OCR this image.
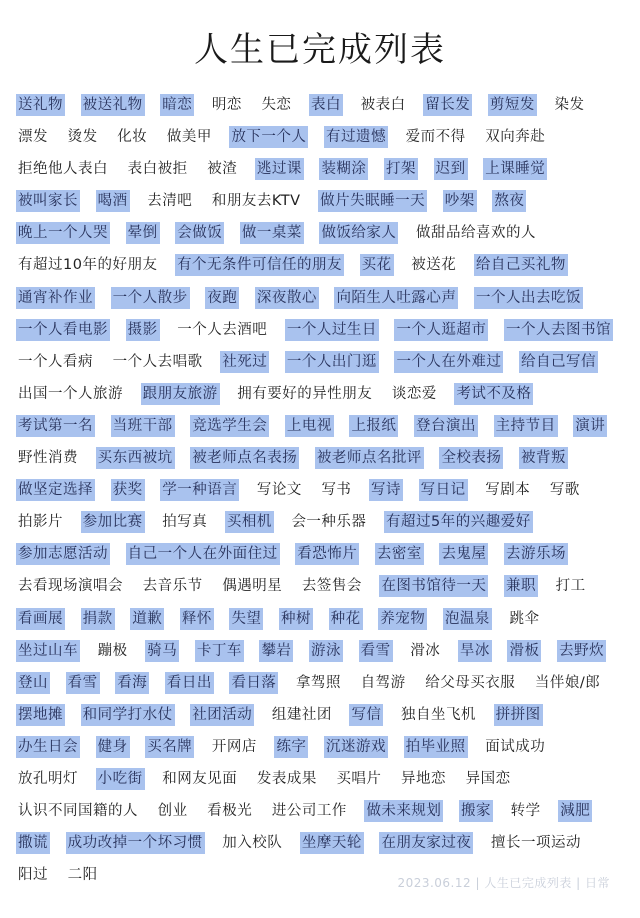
人生已完成列表
送礼物 被送礼物 暗恋 明恋 失恋 表白 被表白 留长发 剪短发 染发 漂发 烫发 化妆 做美甲 放下一个人 有过遗憾 爱而不得 双向奔赴 拒绝他人表白 表白被拒 被渣 逃过课 装糊涂 打架 迟到 上课睡觉 被叫家长 喝酒 去清吧 和朋友去KTV 做片失眠睡一天 吵架 熬夜 晚上一个人哭 晕倒 会做饭 做一桌菜 做饭给家人 做甜品给喜欢的人 有超过10年的好朋友 有个无条件可信任的朋友 买花 被送花 给自己买礼物 通宵补作业 一个人散步 夜跑 深夜散心 向陌生人吐露心声 一个人出去吃饭 一个人看电影 摄影 一个人去酒吧 一个人过生日 一个人逛超市 一个人去图书馆 一个人看病 一个人去唱歌 社死过 一个人出门逛 一个人在外难过 给自己写信 出国一个人旅游 跟朋友旅游 拥有要好的异性朋友 谈恋爱 考试不及格 考试第一名 当班干部 竞选学生会 上电视 上报纸 登台演出 主持节目 演讲 野性消费 买东西被坑 被老师点名表扬 被老师点名批评 全校表扬 被背叛 做坚定选择 获奖 学一种语言 写论文 写书 写诗 写日记 写剧本 写歌 拍影片 参加比赛 拍写真 买相机 会一种乐器 有超过5年的兴趣爱好 参加志愿活动 自己一个人在外面住过 看恐怖片 去密室 去鬼屋 去游乐场 去看现场演唱会 去音乐节 偶遇明星 去签售会 在图书馆待一天 兼职 打工 看画展 捐款 道歉 释怀 失望 种树 种花 养宠物 泡温泉 跳伞 坐过山车 蹦极 骑马 卡丁车 攀岩 游泳 看雪 滑冰 旱冰 滑板 去野炊 登山 看雪 看海 看日出 看日落 拿驾照 自驾游 给父母买衣服 当伴娘/郎 摆地摊 和同学打水仗 社团活动 组建社团 写信 独自坐飞机 拼拼图 办生日会 健身 买名牌 开网店 练字 沉迷游戏 拍毕业照 面试成功 放孔明灯 小吃街 和网友见面 发表成果 买唱片 异地恋 异国恋 认识不同国籍的人 创业 看极光 进公司工作 做未来规划 搬家 转学 減肥 撒谎 成功改掉一个坏习惯 加入校队 坐摩天轮 在朋友家过夜 擅长一项运动 阳过 二阳	2023.06.12 | 人生已完成列表 | 日常
